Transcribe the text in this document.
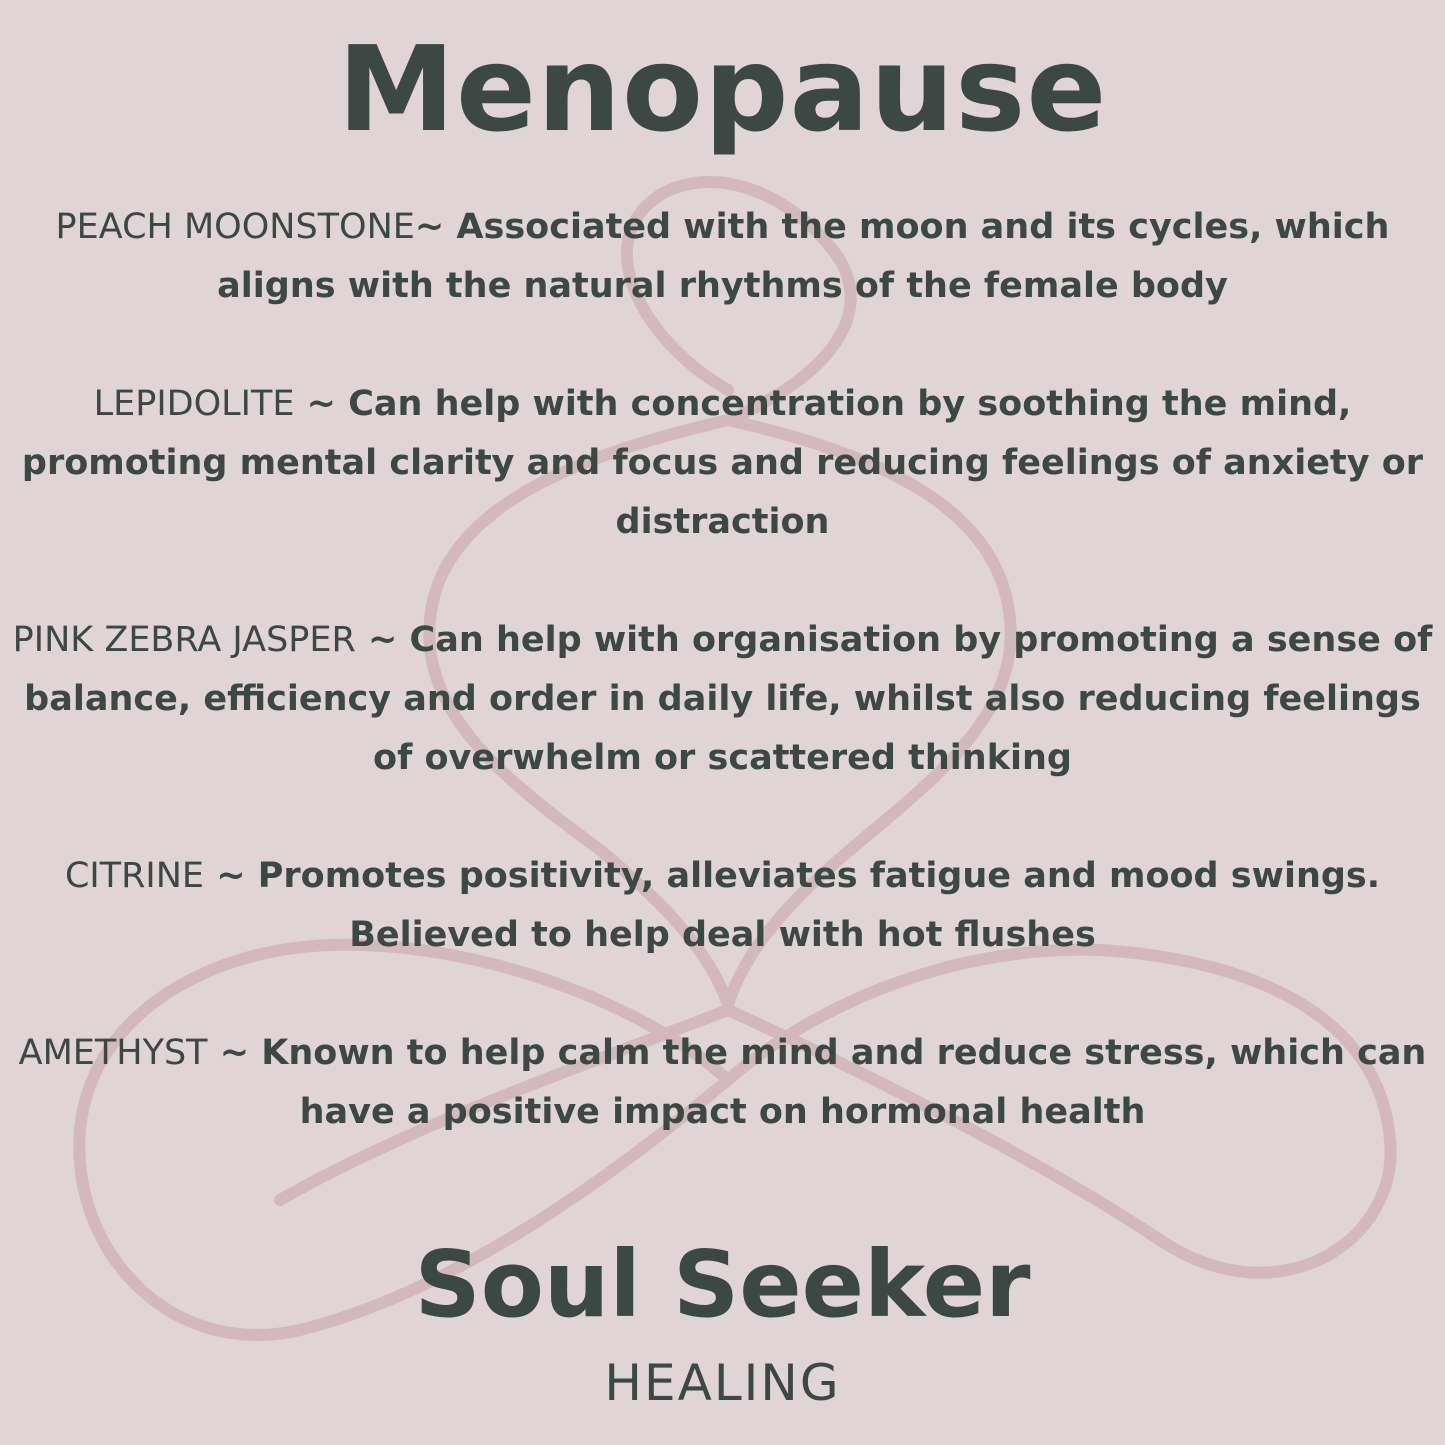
Menopause
PEACH MOONSTONE~ Associated with the moon and its cycles, which aligns with the natural rhythms of the female body
LEPIDOLITE ~ Can help with concentration by soothing the mind, promoting mental clarity and focus and reducing feelings of anxiety or distraction
PINK ZEBRA JASPER ~ Can help with organisation by promoting a sense of balance, efficiency and order in daily life, whilst also reducing feelings of overwhelm or scattered thinking
CITRINE ~ Promotes positivity, alleviates fatigue and mood swings. Believed to help deal with hot flushes
AMETHYST ~ Known to help calm the mind and reduce stress, which can have a positive impact on hormonal health
Soul Seeker
HEALING
